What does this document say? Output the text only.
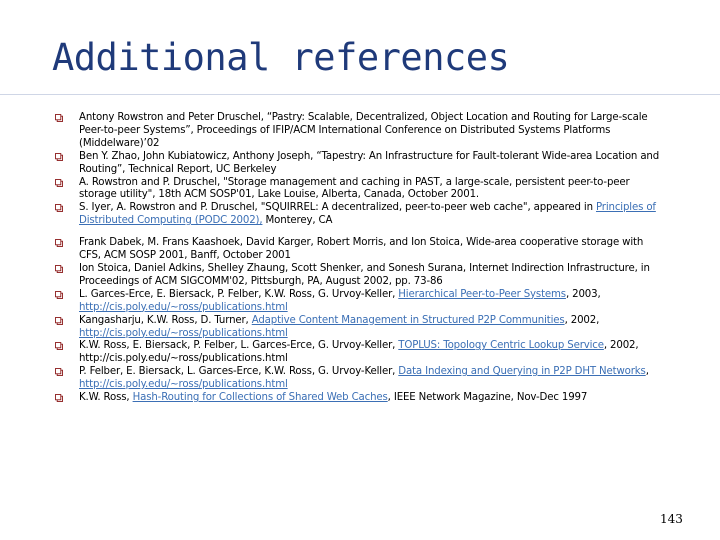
Additional references
Antony Rowstron and Peter Druschel, “Pastry: Scalable, Decentralized, Object Location and Routing for Large-scale Peer-to-peer Systems”, Proceedings of IFIP/ACM International Conference on Distributed Systems Platforms (Middelware)’02
Ben Y. Zhao, John Kubiatowicz, Anthony Joseph, “Tapestry: An Infrastructure for Fault-tolerant Wide-area Location and Routing”, Technical Report, UC Berkeley
A. Rowstron and P. Druschel, "Storage management and caching in PAST, a large-scale, persistent peer-to-peer storage utility", 18th ACM SOSP'01, Lake Louise, Alberta, Canada, October 2001.
S. Iyer, A. Rowstron and P. Druschel, "SQUIRREL: A decentralized, peer-to-peer web cache", appeared in Principles of Distributed Computing (PODC 2002), Monterey, CA
Frank Dabek, M. Frans Kaashoek, David Karger, Robert Morris, and Ion Stoica, Wide-area cooperative storage with CFS, ACM SOSP 2001, Banff, October 2001
Ion Stoica, Daniel Adkins, Shelley Zhaung, Scott Shenker, and Sonesh Surana, Internet Indirection Infrastructure, in Proceedings of ACM SIGCOMM'02, Pittsburgh, PA, August 2002, pp. 73-86
L. Garces-Erce, E. Biersack, P. Felber, K.W. Ross, G. Urvoy-Keller, Hierarchical Peer-to-Peer Systems, 2003, http://cis.poly.edu/~ross/publications.html
Kangasharju, K.W. Ross, D. Turner, Adaptive Content Management in Structured P2P Communities, 2002, http://cis.poly.edu/~ross/publications.html
K.W. Ross, E. Biersack, P. Felber, L. Garces-Erce, G. Urvoy-Keller, TOPLUS: Topology Centric Lookup Service, 2002, http://cis.poly.edu/~ross/publications.html
P. Felber, E. Biersack, L. Garces-Erce, K.W. Ross, G. Urvoy-Keller, Data Indexing and Querying in P2P DHT Networks, http://cis.poly.edu/~ross/publications.html
K.W. Ross, Hash-Routing for Collections of Shared Web Caches, IEEE Network Magazine, Nov-Dec 1997
143
